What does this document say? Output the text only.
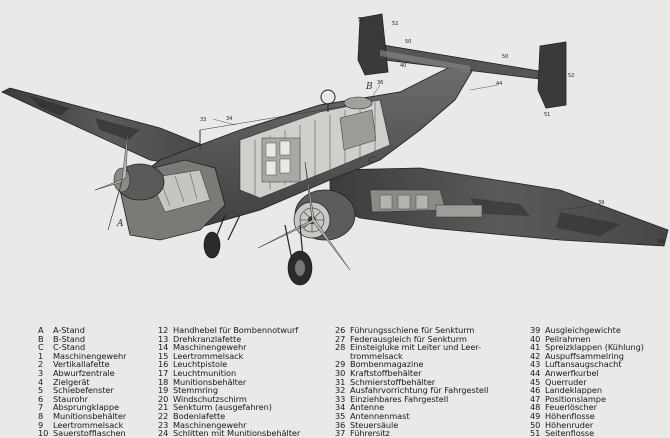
A
B
C
51
52
50
50
52
40
44
51
34
33
36
39
49
A A-Stand
B B-Stand
C C-Stand
1 Maschinengewehr
2 Vertikallafette
3 Abwurfzentrale
4 Zielgerät
5 Schiebefenster
6 Staurohr
7 Absprungklappe
8 Munitionsbehälter
9 Leertrommelsack
10 Sauerstofflaschen
12 Handhebel für Bombennotwurf
13 Drehkranzlafette
14 Maschinengewehr
15 Leertrommelsack
16 Leuchtpistole
17 Leuchtmunition
18 Munitionsbehälter
19 Stemmring
20 Windschutzschirm
21 Senkturm (ausgefahren)
22 Bodenlafette
23 Maschinengewehr
24 Schlitten mit Munitionsbehälter
26 Führungsschiene für Senkturm
27 Federausgleich für Senkturm
28 Einsteigluke mit Leiter und Leer-
trommelsack
29 Bombenmagazine
30 Kraftstoffbehälter
31 Schmierstoffbehälter
32 Ausfahrvorrichtung für Fahrgestell
33 Einziehbares Fahrgestell
34 Antenne
35 Antennenmast
36 Steuersäule
37 Führersitz
39 Ausgleichgewichte
40 Peilrahmen
41 Spreizklappen (Kühlung)
42 Auspuffsammelring
43 Luftansaugschacht
44 Anwerfkurbel
45 Querruder
46 Landeklappen
47 Positionslampe
48 Feuerlöscher
49 Höhenflosse
50 Höhenruder
51 Seitenflosse
